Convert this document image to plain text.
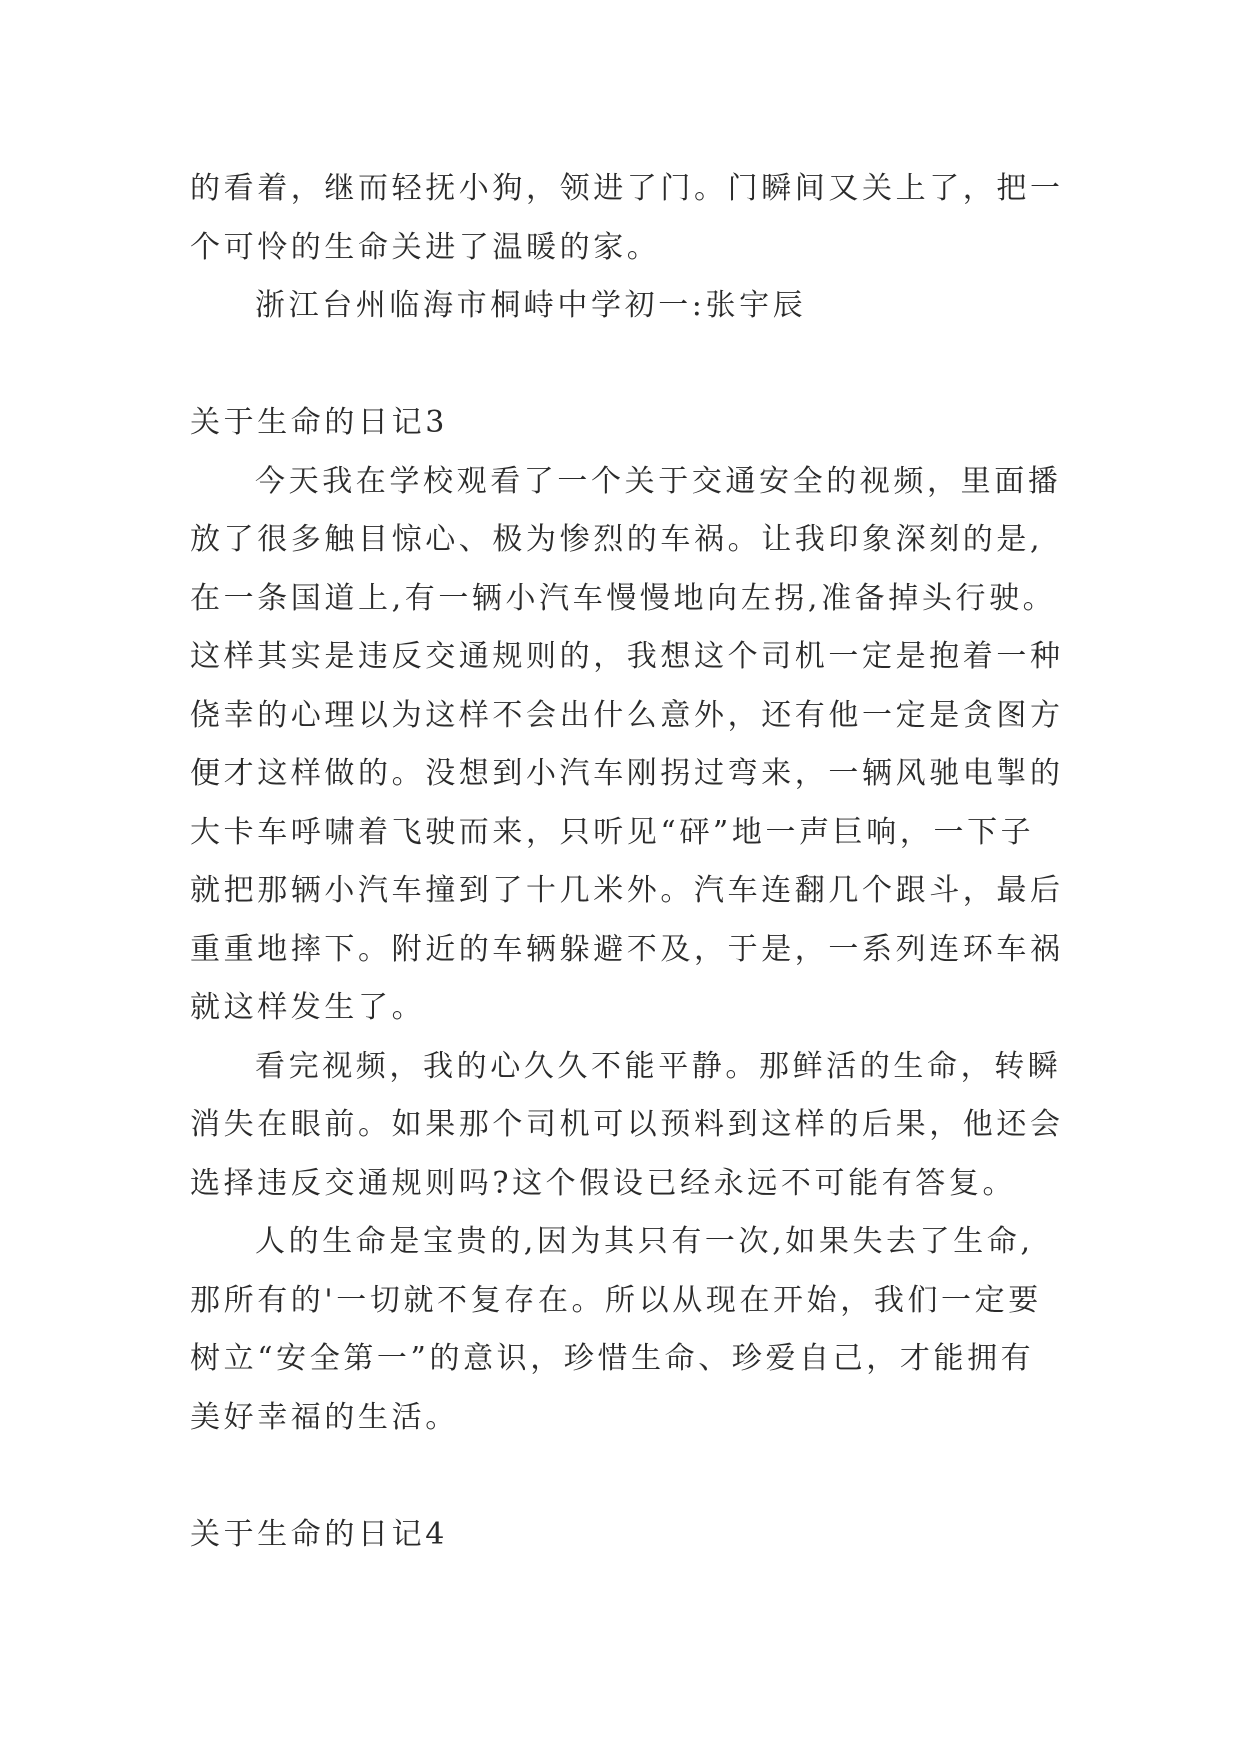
的看着，继而轻抚小狗，领进了门。门瞬间又关上了，把一
个可怜的生命关进了温暖的家。
浙江台州临海市桐峙中学初一:张宇辰
关于生命的日记3
今天我在学校观看了一个关于交通安全的视频，里面播
放了很多触目惊心、极为惨烈的车祸。让我印象深刻的是,
在一条国道上,有一辆小汽车慢慢地向左拐,准备掉头行驶。
这样其实是违反交通规则的，我想这个司机一定是抱着一种
侥幸的心理以为这样不会出什么意外，还有他一定是贪图方
便才这样做的。没想到小汽车刚拐过弯来，一辆风驰电掣的
大卡车呼啸着飞驶而来，只听见“砰”地一声巨响，一下子
就把那辆小汽车撞到了十几米外。汽车连翻几个跟斗，最后
重重地摔下。附近的车辆躲避不及，于是，一系列连环车祸
就这样发生了。
看完视频，我的心久久不能平静。那鲜活的生命，转瞬
消失在眼前。如果那个司机可以预料到这样的后果，他还会
选择违反交通规则吗?这个假设已经永远不可能有答复。
人的生命是宝贵的,因为其只有一次,如果失去了生命,
那所有的'一切就不复存在。所以从现在开始，我们一定要
树立“安全第一”的意识，珍惜生命、珍爱自己，才能拥有
美好幸福的生活。
关于生命的日记4
